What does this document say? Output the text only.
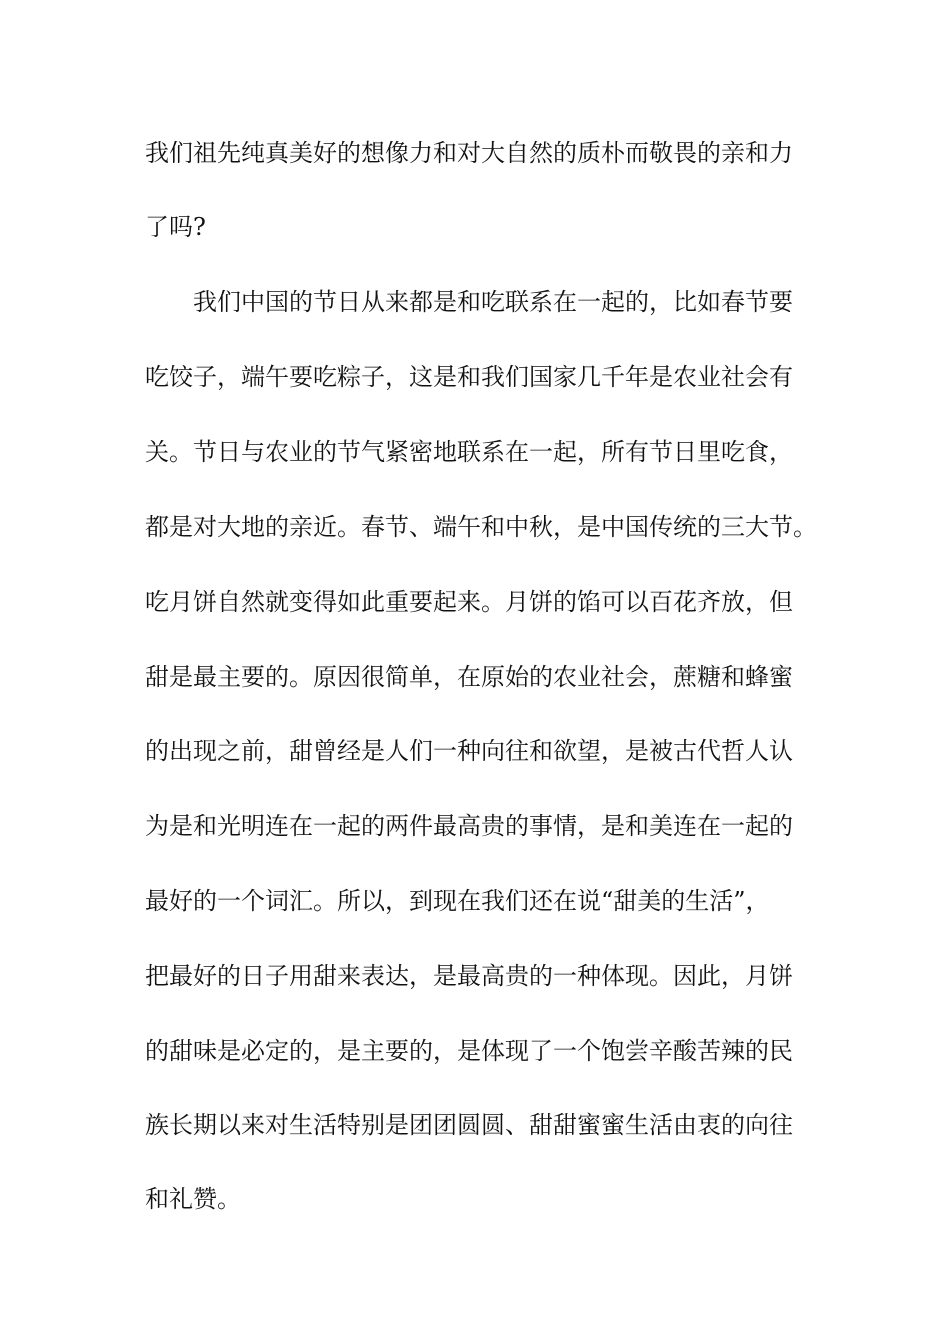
我们祖先纯真美好的想像力和对大自然的质朴而敬畏的亲和力
了吗?
我们中国的节日从来都是和吃联系在一起的，比如春节要
吃饺子，端午要吃粽子，这是和我们国家几千年是农业社会有
关。节日与农业的节气紧密地联系在一起，所有节日里吃食，
都是对大地的亲近。春节、端午和中秋，是中国传统的三大节。
吃月饼自然就变得如此重要起来。月饼的馅可以百花齐放，但
甜是最主要的。原因很简单，在原始的农业社会，蔗糖和蜂蜜
的出现之前，甜曾经是人们一种向往和欲望，是被古代哲人认
为是和光明连在一起的两件最高贵的事情，是和美连在一起的
最好的一个词汇。所以，到现在我们还在说“甜美的生活”，
把最好的日子用甜来表达，是最高贵的一种体现。因此，月饼
的甜味是必定的，是主要的，是体现了一个饱尝辛酸苦辣的民
族长期以来对生活特别是团团圆圆、甜甜蜜蜜生活由衷的向往
和礼赞。
